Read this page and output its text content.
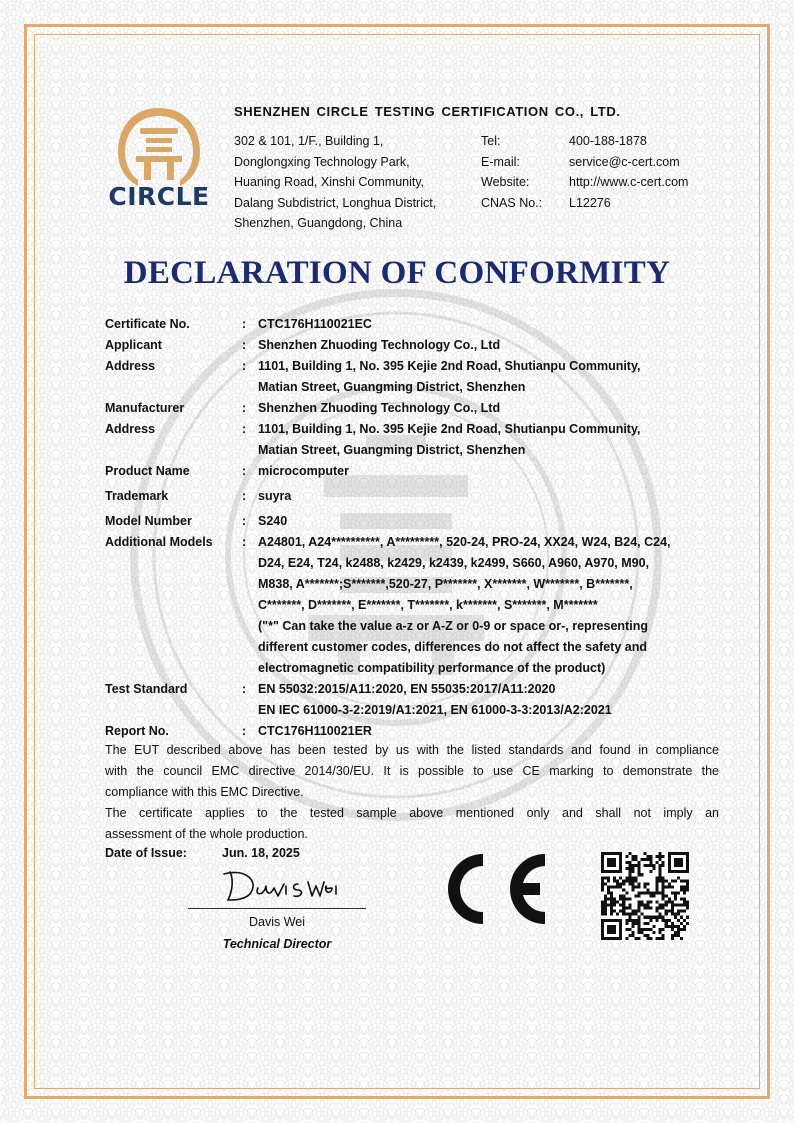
CIRCLE
SHENZHEN CIRCLE TESTING CERTIFICATION CO., LTD.
302 & 101, 1/F., Building 1,
Donglongxing Technology Park,
Huaning Road, Xinshi Community,
Dalang Subdistrict, Longhua District,
Shenzhen, Guangdong, China
Tel:	400-188-1878
E-mail:	service@c-cert.com
Website:	http://www.c-cert.com
CNAS No.:	L12276
DECLARATION OF CONFORMITY
Certificate No.	: CTC176H110021EC
Applicant	: Shenzhen Zhuoding Technology Co., Ltd
Address	: 1101, Building 1, No. 395 Kejie 2nd Road, Shutianpu Community,
Matian Street, Guangming District, Shenzhen
Manufacturer	: Shenzhen Zhuoding Technology Co., Ltd
Address	: 1101, Building 1, No. 395 Kejie 2nd Road, Shutianpu Community,
Matian Street, Guangming District, Shenzhen
Product Name	: microcomputer
Trademark	: suyra
Model Number	: S240
Additional Models	: A24801, A24**********, A*********, 520-24, PRO-24, XX24, W24, B24, C24,
D24, E24, T24, k2488, k2429, k2439, k2499, S660, A960, A970, M90,
M838, A*******;S*******,520-27, P*******, X*******, W*******, B*******,
C*******, D*******, E*******, T*******, k*******, S*******, M*******
("*" Can take the value a-z or A-Z or 0-9 or space or-, representing
different customer codes, differences do not affect the safety and
electromagnetic compatibility performance of the product)
Test Standard	: EN 55032:2015/A11:2020, EN 55035:2017/A11:2020
EN IEC 61000-3-2:2019/A1:2021, EN 61000-3-3:2013/A2:2021
Report No.	: CTC176H110021ER
The EUT described above has been tested by us with the listed standards and found in compliance
with the council EMC directive 2014/30/EU. It is possible to use CE marking to demonstrate the
compliance with this EMC Directive.
The certificate applies to the tested sample above mentioned only and shall not imply an
assessment of the whole production.
Date of Issue:	Jun. 18, 2025
Davis Wei
Technical Director
